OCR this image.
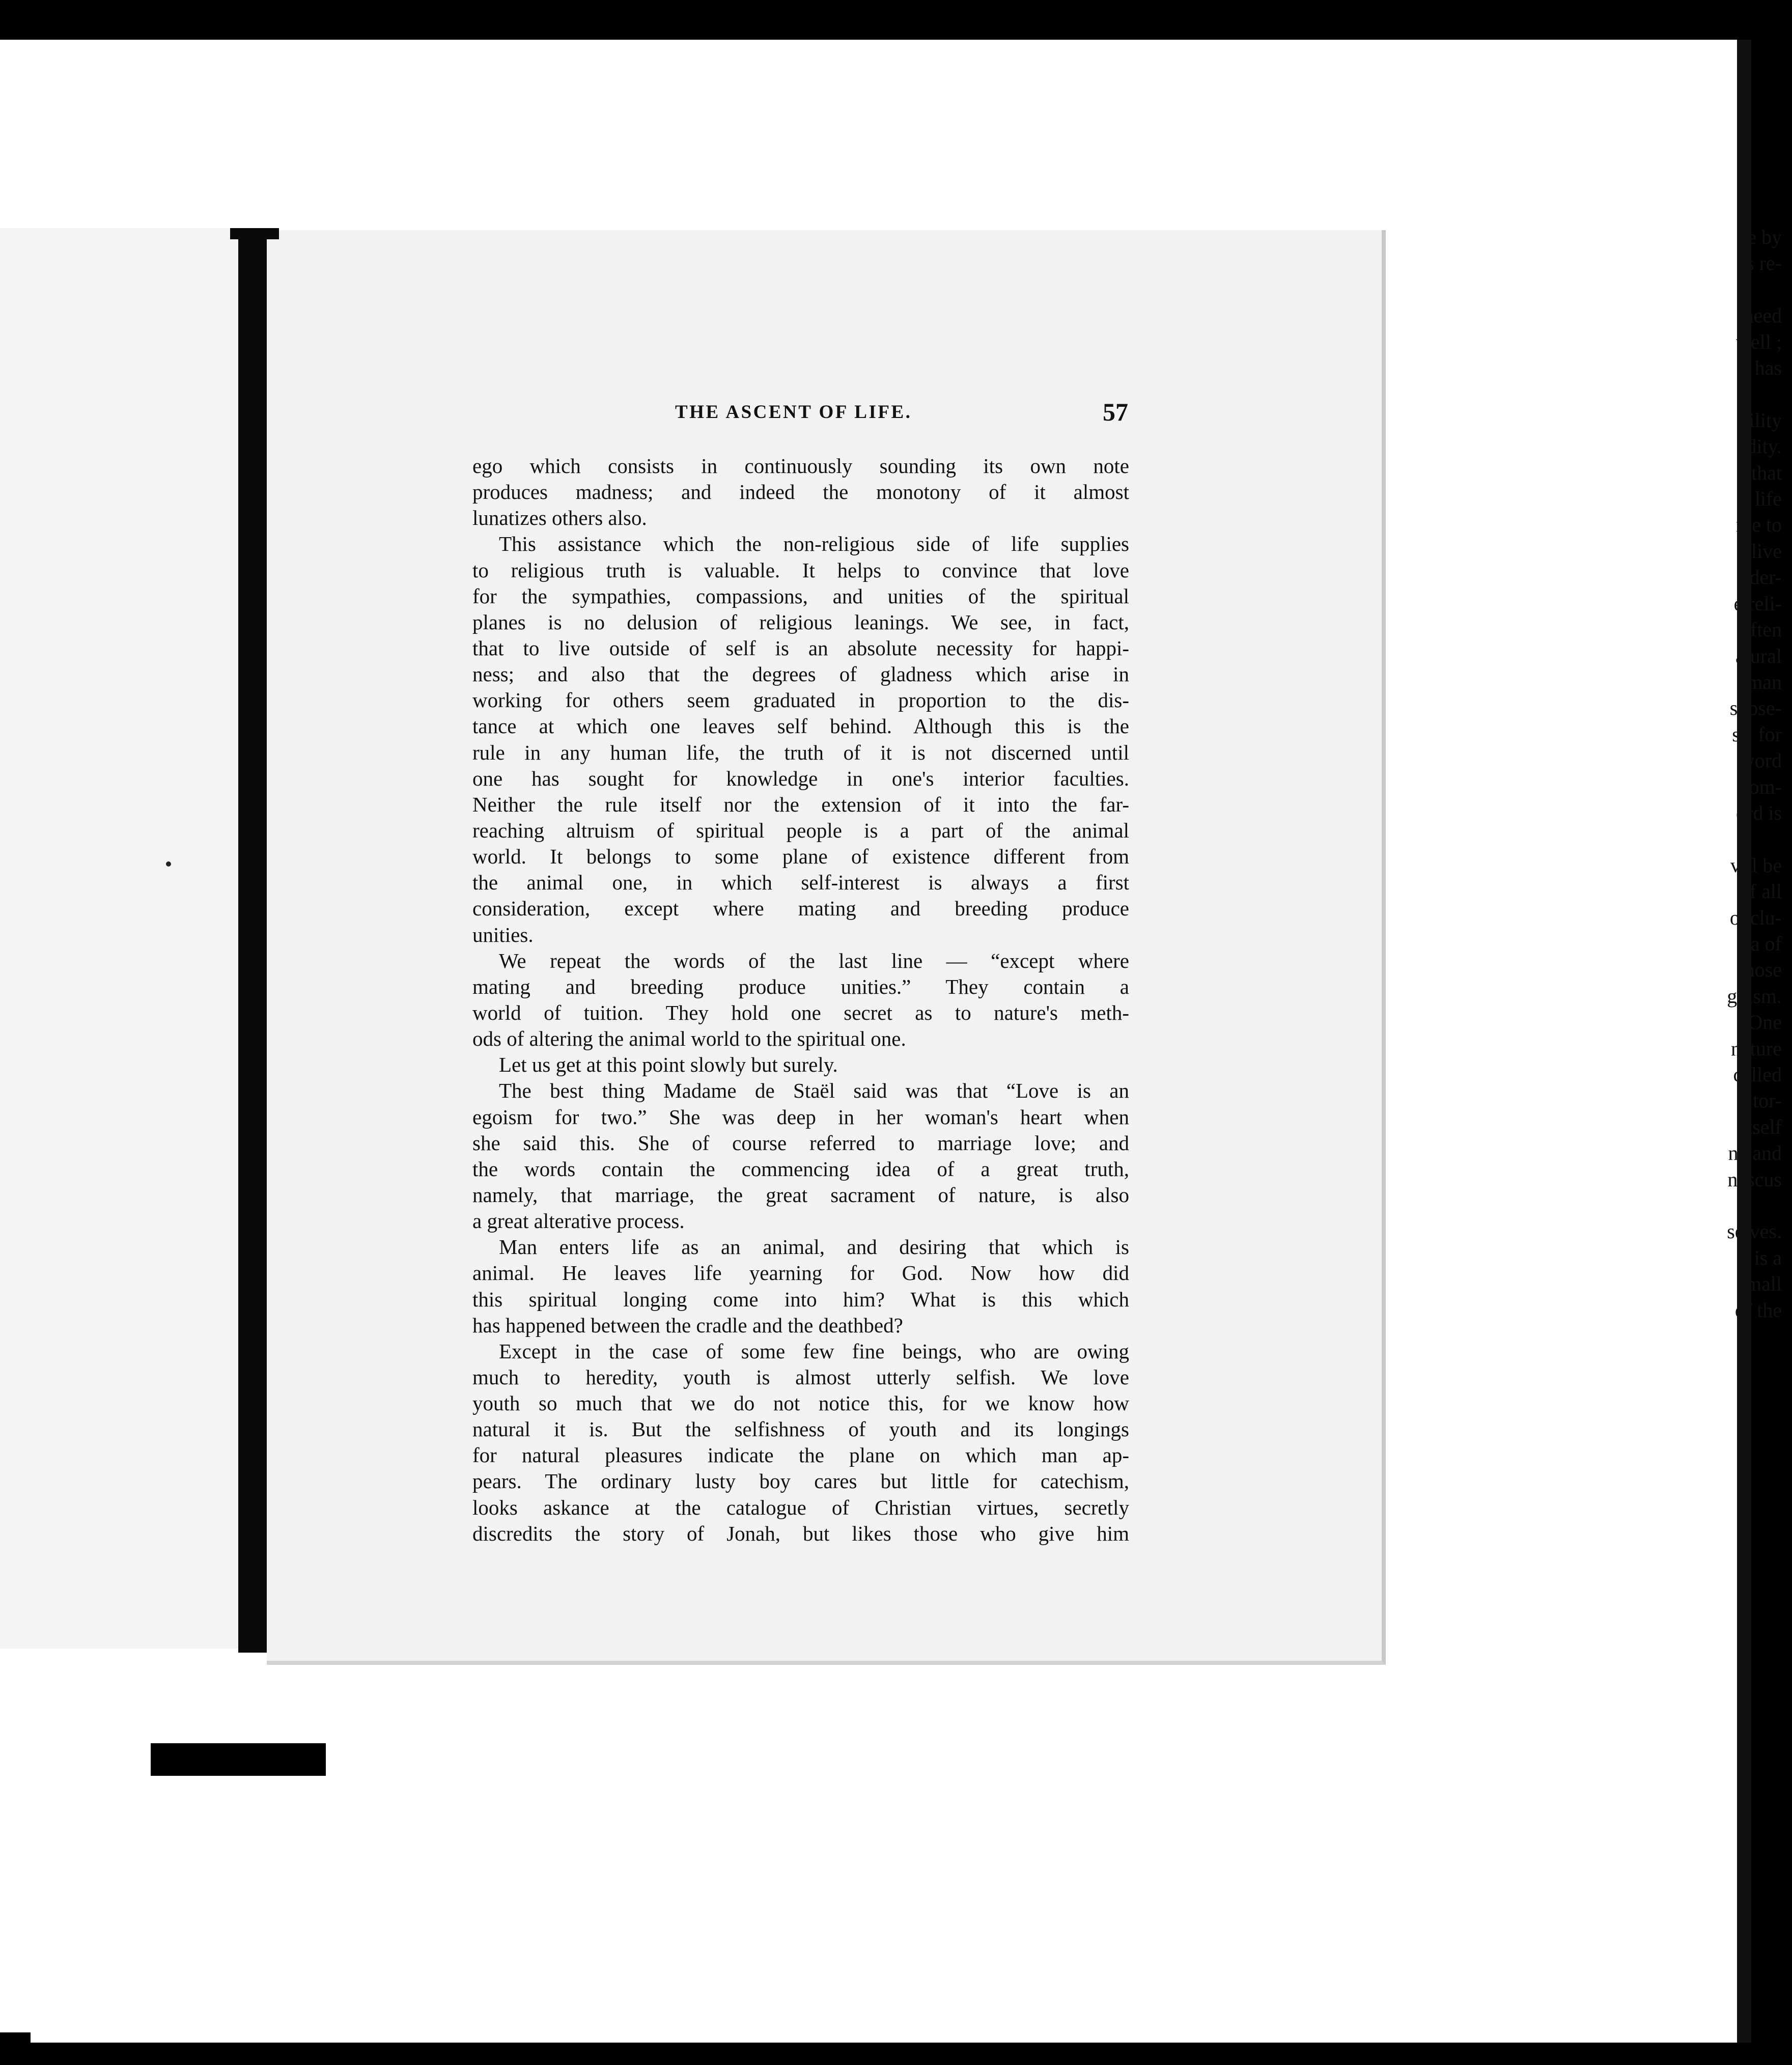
e by
s re-

need
well ;
d has

bility
rdity.
l that
d life
me to
“ live
nder-
e reli-
often
atural
man
subse-
ss, for
word
com-
ord is

vill be
of all
onclu-
lia of
those
goism.
One
nature
called
e tor-
itself
na and
nascus

selves.
e is a
small
of the
THE ASCENT OF LIFE.	57
ego which consists in continuously sounding its own note
produces madness; and indeed the monotony of it almost
lunatizes others also.
This assistance which the non-religious side of life supplies
to religious truth is valuable. It helps to convince that love
for the sympathies, compassions, and unities of the spiritual
planes is no delusion of religious leanings. We see, in fact,
that to live outside of self is an absolute necessity for happi-
ness; and also that the degrees of gladness which arise in
working for others seem graduated in proportion to the dis-
tance at which one leaves self behind. Although this is the
rule in any human life, the truth of it is not discerned until
one has sought for knowledge in one's interior faculties.
Neither the rule itself nor the extension of it into the far-
reaching altruism of spiritual people is a part of the animal
world. It belongs to some plane of existence different from
the animal one, in which self-interest is always a first
consideration, except where mating and breeding produce
unities.
We repeat the words of the last line — “except where
mating and breeding produce unities.” They contain a
world of tuition. They hold one secret as to nature's meth-
ods of altering the animal world to the spiritual one.
Let us get at this point slowly but surely.
The best thing Madame de Staël said was that “Love is an
egoism for two.” She was deep in her woman's heart when
she said this. She of course referred to marriage love; and
the words contain the commencing idea of a great truth,
namely, that marriage, the great sacrament of nature, is also
a great alterative process.
Man enters life as an animal, and desiring that which is
animal. He leaves life yearning for God. Now how did
this spiritual longing come into him? What is this which
has happened between the cradle and the deathbed?
Except in the case of some few fine beings, who are owing
much to heredity, youth is almost utterly selfish. We love
youth so much that we do not notice this, for we know how
natural it is. But the selfishness of youth and its longings
for natural pleasures indicate the plane on which man ap-
pears. The ordinary lusty boy cares but little for catechism,
looks askance at the catalogue of Christian virtues, secretly
discredits the story of Jonah, but likes those who give him
